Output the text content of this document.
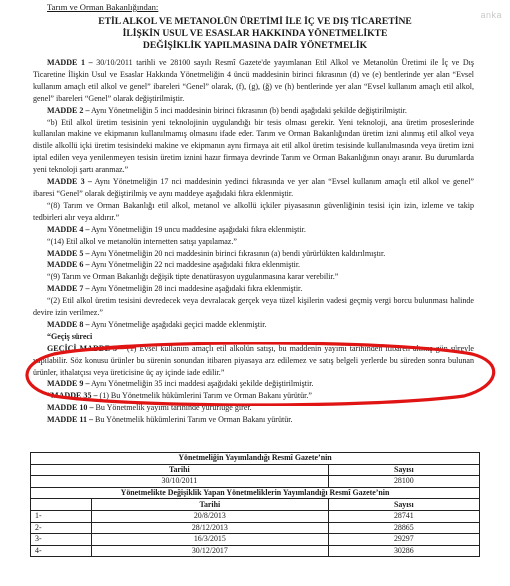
Tarım ve Orman Bakanlığından:
anka
ETİL ALKOL VE METANOLÜN ÜRETİMİ İLE İÇ VE DIŞ TİCARETİNE
İLİŞKİN USUL VE ESASLAR HAKKINDA YÖNETMELİKTE
DEĞİŞİKLİK YAPILMASINA DAİR YÖNETMELİK

MADDE 1 – 30/10/2011 tarihli ve 28100 sayılı Resmî Gazete'de yayımlanan Etil Alkol ve Metanolün Üretimi ile İç ve Dış Ticaretine İlişkin Usul ve Esaslar Hakkında Yönetmeliğin 4 üncü maddesinin birinci fıkrasının (d) ve (e) bentlerinde yer alan “Evsel kullanım amaçlı etil alkol ve genel” ibareleri “Genel” olarak, (f), (g), (ğ) ve (h) bentlerinde yer alan “Evsel kullanım amaçlı etil alkol, genel” ibareleri “Genel” olarak değiştirilmiştir.

MADDE 2 – Aynı Yönetmeliğin 5 inci maddesinin birinci fıkrasının (b) bendi aşağıdaki şekilde değiştirilmiştir.

“b) Etil alkol üretim tesisinin yeni teknolojinin uygulandığı bir tesis olması gerekir. Yeni teknoloji, ana üretim proseslerinde kullanılan makine ve ekipmanın kullanılmamış olmasını ifade eder. Tarım ve Orman Bakanlığından üretim izni alınmış etil alkol veya distile alkollü içki üretim tesisindeki makine ve ekipmanın aynı firmaya ait etil alkol üretim tesisinde kullanılmasında veya üretim izni iptal edilen veya yenilenmeyen tesisin üretim iznini hazır firmaya devrinde Tarım ve Orman Bakanlığının onayı aranır. Bu durumlarda yeni teknoloji şartı aranmaz.”

MADDE 3 – Aynı Yönetmeliğin 17 nci maddesinin yedinci fıkrasında ve yer alan “Evsel kullanım amaçlı etil alkol ve genel” ibaresi “Genel” olarak değiştirilmiş ve aynı maddeye aşağıdaki fıkra eklenmiştir.

“(8) Tarım ve Orman Bakanlığı etil alkol, metanol ve alkollü içkiler piyasasının güvenliğinin tesisi için izin, izleme ve takip tedbirleri alır veya aldırır.”

MADDE 4 – Aynı Yönetmeliğin 19 uncu maddesine aşağıdaki fıkra eklenmiştir.

“(14) Etil alkol ve metanolün internetten satışı yapılamaz.”

MADDE 5 – Aynı Yönetmeliğin 20 nci maddesinin birinci fıkrasının (a) bendi yürürlükten kaldırılmıştır.

MADDE 6 – Aynı Yönetmeliğin 22 nci maddesine aşağıdaki fıkra eklenmiştir.

“(9) Tarım ve Orman Bakanlığı değişik tipte denatürasyon uygulanmasına karar verebilir.”

MADDE 7 – Aynı Yönetmeliğin 28 inci maddesine aşağıdaki fıkra eklenmiştir.

“(2) Etil alkol üretim tesisini devredecek veya devralacak gerçek veya tüzel kişilerin vadesi geçmiş vergi borcu bulunması halinde devire izin verilmez.”

MADDE 8 – Aynı Yönetmeliğe aşağıdaki geçici madde eklenmiştir.

“Geçiş süreci

GEÇİCİ MADDE 3 – (1) Evsel kullanım amaçlı etil alkolün satışı, bu maddenin yayımı tarihinden itibaren altmış gün süreyle yapılabilir. Söz konusu ürünler bu sürenin sonundan itibaren piyasaya arz edilemez ve satış belgeli yerlerde bu süreden sonra bulunan ürünler, ithalatçısı veya üreticisine üç ay içinde iade edilir.”

MADDE 9 – Aynı Yönetmeliğin 35 inci maddesi aşağıdaki şekilde değiştirilmiştir.

“MADDE 35 – (1) Bu Yönetmelik hükümlerini Tarım ve Orman Bakanı yürütür.”

MADDE 10 – Bu Yönetmelik yayımı tarihinde yürürlüğe girer.

MADDE 11 – Bu Yönetmelik hükümlerini Tarım ve Orman Bakanı yürütür.

Yönetmeliğin Yayımlandığı Resmî Gazete’nin		
Tarihi		Sayısı
30/10/2011		28100
Yönetmelikte Değişiklik Yapan Yönetmeliklerin Yayımlandığı Resmî Gazete’nin		
	Tarihi	Sayısı
1-	20/8/2013	28741
2-	28/12/2013	28865
3-	16/3/2015	29297
4-	30/12/2017	30286
